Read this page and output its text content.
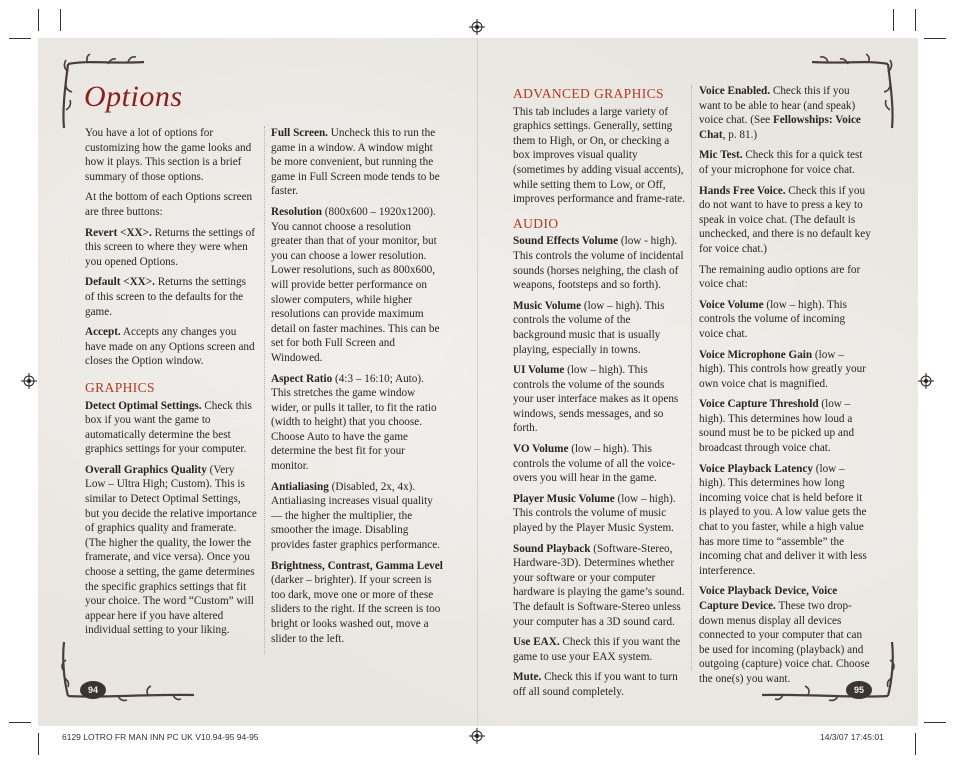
Options

You have a lot of options for customizing how the game looks and how it plays. This section is a brief summary of those options.

At the bottom of each Options screen are three buttons:

Revert <XX>. Returns the settings of this screen to where they were when you opened Options.

Default <XX>. Returns the settings of this screen to the defaults for the game.

Accept. Accepts any changes you have made on any Options screen and closes the Option window.

GRAPHICS

Detect Optimal Settings. Check this box if you want the game to automatically determine the best graphics settings for your computer.

Overall Graphics Quality (Very Low – Ultra High; Custom). This is similar to Detect Optimal Settings, but you decide the relative importance of graphics quality and framerate. (The higher the quality, the lower the framerate, and vice versa). Once you choose a setting, the game determines the specific graphics settings that fit your choice. The word “Custom” will appear here if you have altered individual setting to your liking.

Full Screen. Uncheck this to run the game in a window. A window might be more convenient, but running the game in Full Screen mode tends to be faster.

Resolution (800x600 – 1920x1200). You cannot choose a resolution greater than that of your monitor, but you can choose a lower resolution. Lower resolutions, such as 800x600, will provide better performance on slower computers, while higher resolutions can provide maximum detail on faster machines. This can be set for both Full Screen and Windowed.

Aspect Ratio (4:3 – 16:10; Auto). This stretches the game window wider, or pulls it taller, to fit the ratio (width to height) that you choose. Choose Auto to have the game determine the best fit for your monitor.

Antialiasing (Disabled, 2x, 4x). Antialiasing increases visual quality — the higher the multiplier, the smoother the image. Disabling provides faster graphics performance.

Brightness, Contrast, Gamma Level (darker – brighter). If your screen is too dark, move one or more of these sliders to the right. If the screen is too bright or looks washed out, move a slider to the left.

ADVANCED GRAPHICS

This tab includes a large variety of graphics settings. Generally, setting them to High, or On, or checking a box improves visual quality (sometimes by adding visual accents), while setting them to Low, or Off, improves performance and frame-rate.

AUDIO

Sound Effects Volume (low - high). This controls the volume of incidental sounds (horses neighing, the clash of weapons, footsteps and so forth).

Music Volume (low – high). This controls the volume of the background music that is usually playing, especially in towns.

UI Volume (low – high). This controls the volume of the sounds your user interface makes as it opens windows, sends messages, and so forth.

VO Volume (low – high). This controls the volume of all the voice-overs you will hear in the game.

Player Music Volume (low – high). This controls the volume of music played by the Player Music System.

Sound Playback (Software-Stereo, Hardware-3D). Determines whether your software or your computer hardware is playing the game’s sound. The default is Software-Stereo unless your computer has a 3D sound card.

Use EAX. Check this if you want the game to use your EAX system.

Mute. Check this if you want to turn off all sound completely.

Voice Enabled. Check this if you want to be able to hear (and speak) voice chat. (See Fellowships: Voice Chat, p. 81.)

Mic Test. Check this for a quick test of your microphone for voice chat.

Hands Free Voice. Check this if you do not want to have to press a key to speak in voice chat. (The default is unchecked, and there is no default key for voice chat.)

The remaining audio options are for voice chat:

Voice Volume (low – high). This controls the volume of incoming voice chat.

Voice Microphone Gain (low – high). This controls how greatly your own voice chat is magnified.

Voice Capture Threshold (low – high). This determines how loud a sound must be to be picked up and broadcast through voice chat.

Voice Playback Latency (low – high). This determines how long incoming voice chat is held before it is played to you. A low value gets the chat to you faster, while a high value has more time to “assemble” the incoming chat and deliver it with less interference.

Voice Playback Device, Voice Capture Device. These two drop-down menus display all devices connected to your computer that can be used for incoming (playback) and outgoing (capture) voice chat. Choose the one(s) you want.

94	95
6129 LOTRO FR MAN INN PC UK V10.94-95 94-95	14/3/07 17:45:01
